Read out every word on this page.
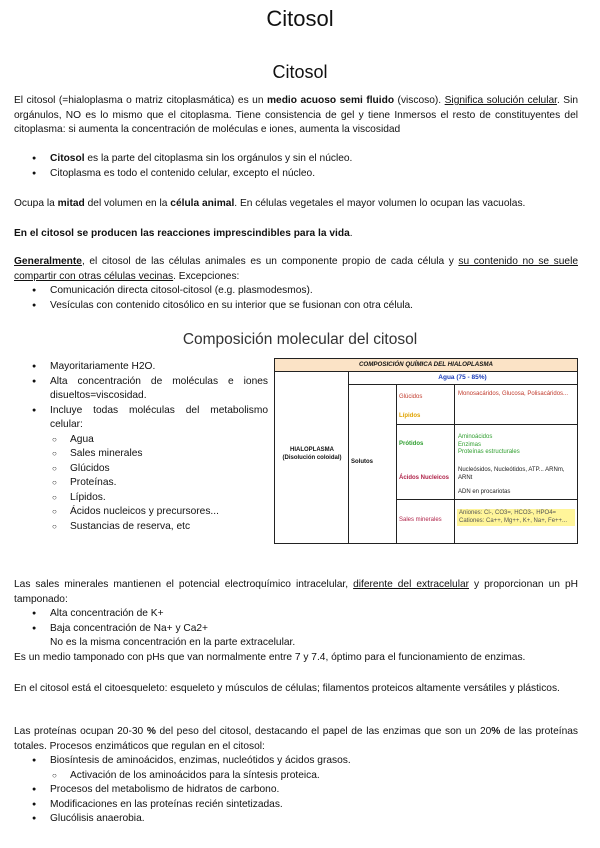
Citosol
Citosol
El citosol (=hialoplasma o matriz citoplasmática) es un medio acuoso semi fluido (viscoso). Significa solución celular. Sin orgánulos, NO es lo mismo que el citoplasma. Tiene consistencia de gel y tiene Inmersos el resto de constituyentes del citoplasma: si aumenta la concentración de moléculas e iones, aumenta la viscosidad
● Citosol es la parte del citoplasma sin los orgánulos y sin el núcleo.
● Citoplasma es todo el contenido celular, excepto el núcleo.
Ocupa la mitad del volumen en la célula animal. En células vegetales el mayor volumen lo ocupan las vacuolas.
En el citosol se producen las reacciones imprescindibles para la vida.
Generalmente, el citosol de las células animales es un componente propio de cada célula y su contenido no se suele compartir con otras células vecinas. Excepciones:
● Comunicación directa citosol-citosol (e.g. plasmodesmos).
● Vesículas con contenido citosólico en su interior que se fusionan con otra célula.
Composición molecular del citosol
● Mayoritariamente H2O.
● Alta concentración de moléculas e iones disueltos=viscosidad.
● Incluye todas moléculas del metabolismo celular:
○ Agua
○ Sales minerales
○ Glúcidos
○ Proteínas.
○ Lípidos.
○ Ácidos nucleicos y precursores...
○ Sustancias de reserva, etc
COMPOSICIÓN QUÍMICA DEL HIALOPLASMA
Agua (75 - 85%)
HIALOPLASMA
(Disolución coloidal)
Solutos
Glúcidos	Monosacáridos, Glucosa, Polisacáridos...
Lípidos
Prótidos
Aminoácidos
Enzimas
Proteínas estructurales
Ácidos Nucleicos
Nucleósidos, Nucleótidos, ATP... ARNm, ARNt
ADN en procariotas
Sales minerales
Aniones: Cl-, CO3=, HCO3-, HPO4=
Cationes: Ca++, Mg++, K+, Na+, Fe++...
Las sales minerales mantienen el potencial electroquímico intracelular, diferente del extracelular y proporcionan un pH tamponado:
● Alta concentración de K+
● Baja concentración de Na+ y Ca2+
No es la misma concentración en la parte extracelular.
Es un medio tamponado con pHs que van normalmente entre 7 y 7.4, óptimo para el funcionamiento de enzimas.
En el citosol está el citoesqueleto: esqueleto y músculos de células; filamentos proteicos altamente versátiles y plásticos.
Las proteínas ocupan 20-30 % del peso del citosol, destacando el papel de las enzimas que son un 20% de las proteínas totales. Procesos enzimáticos que regulan en el citosol:
● Biosíntesis de aminoácidos, enzimas, nucleótidos y ácidos grasos.
○ Activación de los aminoácidos para la síntesis proteica.
● Procesos del metabolismo de hidratos de carbono.
● Modificaciones en las proteínas recién sintetizadas.
● Glucólisis anaerobia.
